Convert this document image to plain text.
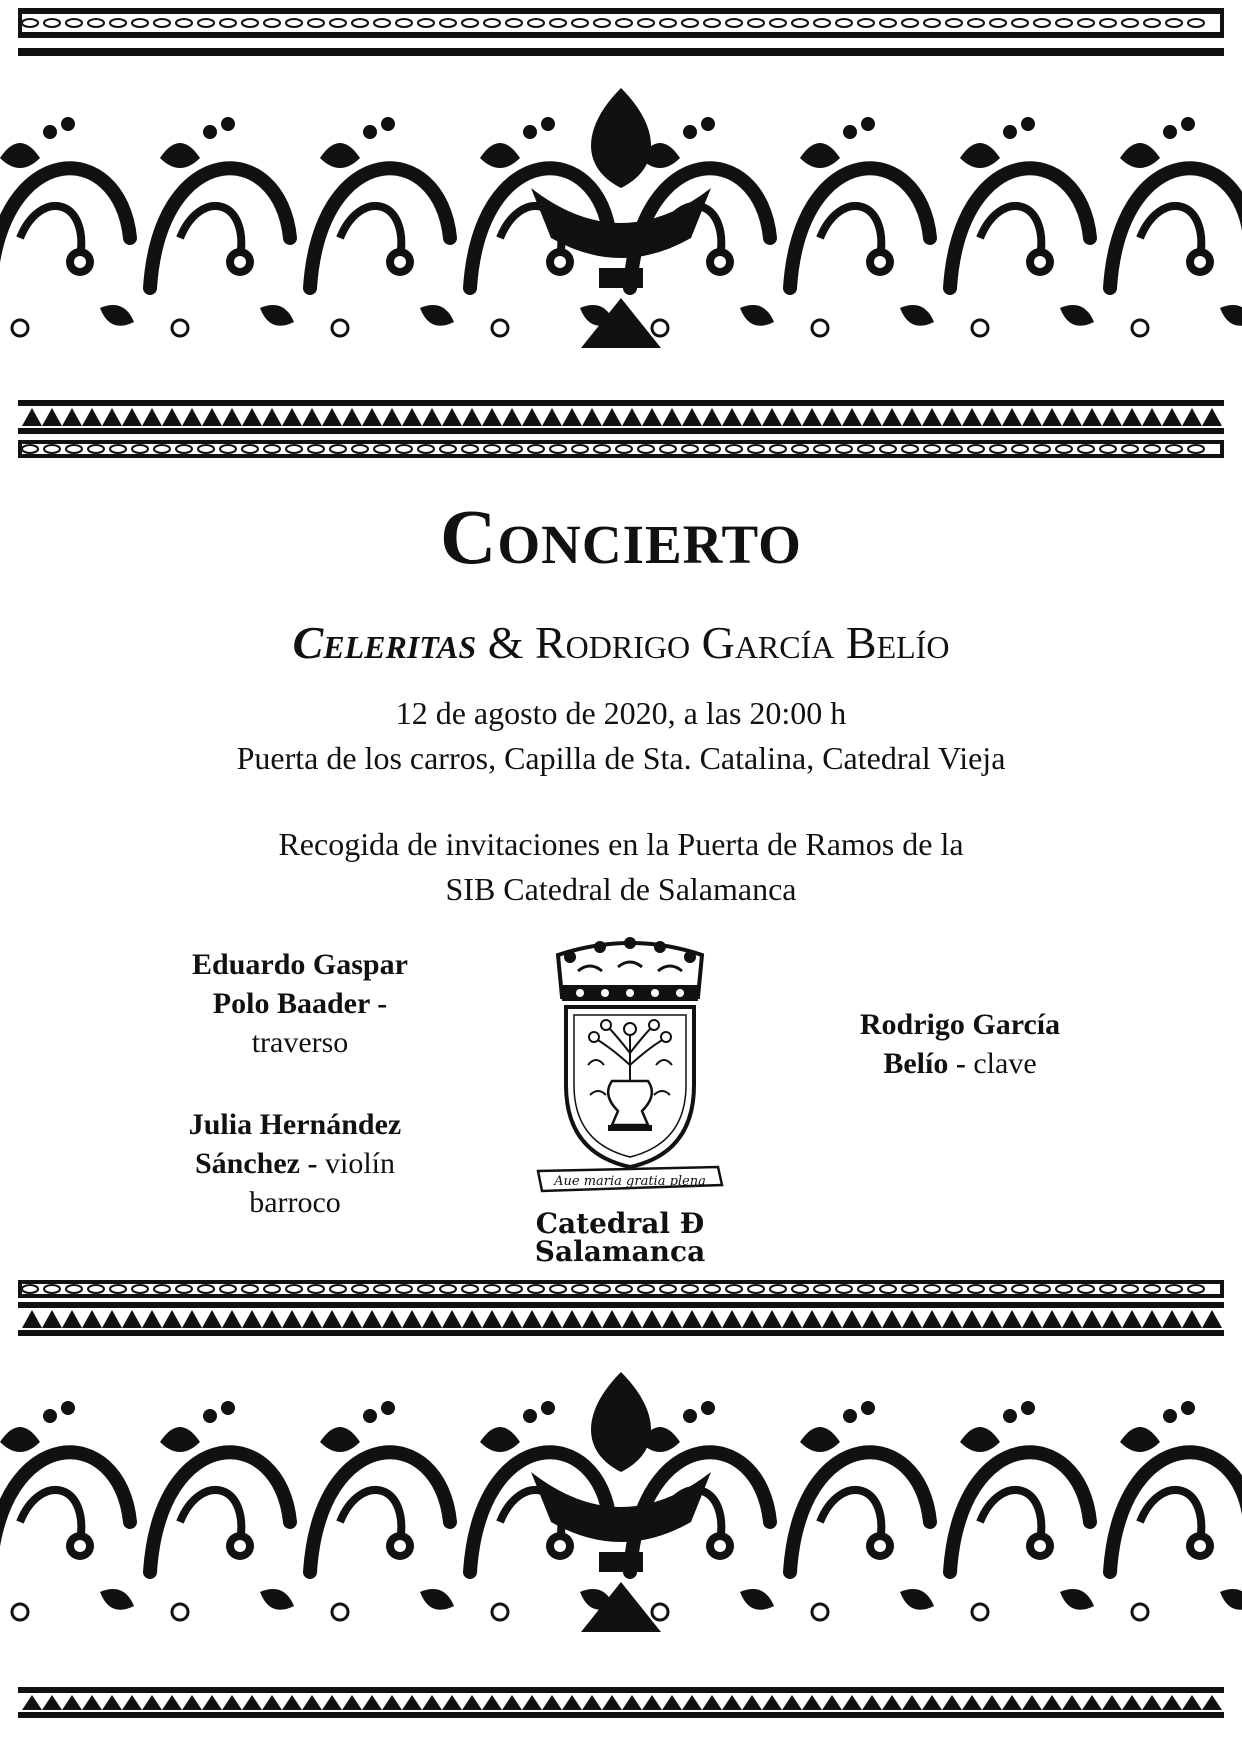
Concierto

Celeritas & Rodrigo García Belío

12 de agosto de 2020, a las 20:00 h

Puerta de los carros, Capilla de Sta. Catalina, Catedral Vieja

Recogida de invitaciones en la Puerta de Ramos de la

SIB Catedral de Salamanca

Eduardo Gaspar
Polo Baader -
traverso
Julia Hernández
Sánchez - violín
barroco
Rodrigo García
Belío - clave
Aue maria gratia plena

Catedral Ð Salamanca
